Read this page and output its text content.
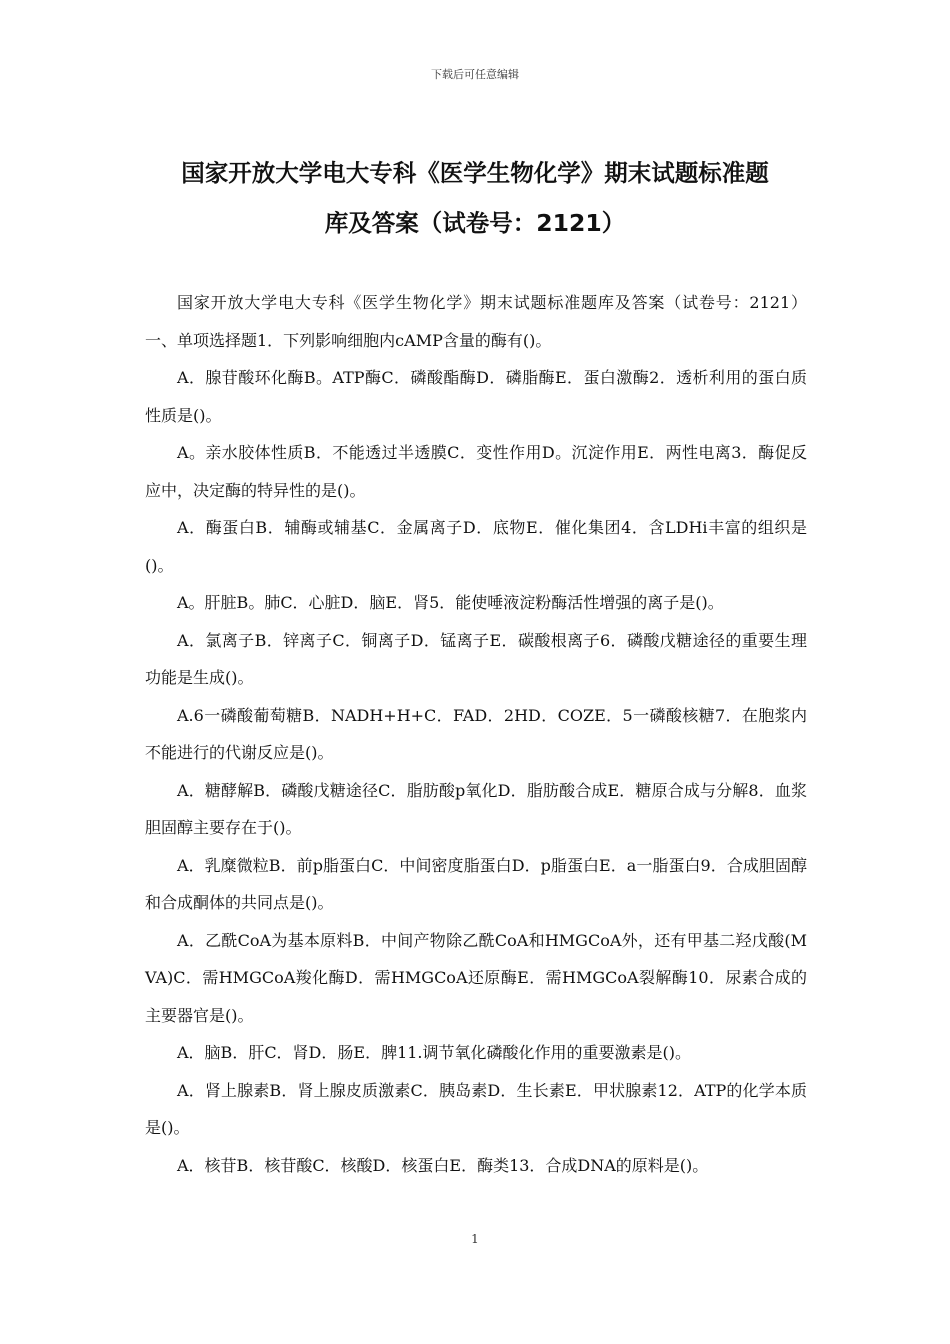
下载后可任意编辑
国家开放大学电大专科《医学生物化学》期末试题标准题
库及答案（试卷号：2121）

国家开放大学电大专科《医学生物化学》期末试题标准题库及答案（试卷号：2121）一、单项选择题1．下列影响细胞内cAMP含量的酶有()。

A．腺苷酸环化酶B。ATP酶C．磷酸酯酶D．磷脂酶E．蛋白激酶2．透析利用的蛋白质性质是()。

A。亲水胶体性质B．不能透过半透膜C．变性作用D。沉淀作用E．两性电离3．酶促反应中，决定酶的特异性的是()。

A．酶蛋白B．辅酶或辅基C．金属离子D．底物E．催化集团4．含LDHi丰富的组织是()。

A。肝脏B。肺C．心脏D．脑E．肾5．能使唾液淀粉酶活性增强的离子是()。

A．氯离子B．锌离子C．铜离子D．锰离子E．碳酸根离子6．磷酸戊糖途径的重要生理功能是生成()。

A.6一磷酸葡萄糖B．NADH+H+C．FAD．2HD．COZE．5一磷酸核糖7．在胞浆内不能进行的代谢反应是()。

A．糖酵解B．磷酸戊糖途径C．脂肪酸p氧化D．脂肪酸合成E．糖原合成与分解8．血浆胆固醇主要存在于()。

A．乳糜微粒B．前p脂蛋白C．中间密度脂蛋白D．p脂蛋白E．a一脂蛋白9．合成胆固醇和合成酮体的共同点是()。

A．乙酰CoA为基本原料B．中间产物除乙酰CoA和HMGCoA外，还有甲基二羟戊酸(MVA)C．需HMGCoA羧化酶D．需HMGCoA还原酶E．需HMGCoA裂解酶10．尿素合成的主要器官是()。

A．脑B．肝C．肾D．肠E．脾11.调节氧化磷酸化作用的重要激素是()。

A．肾上腺素B．肾上腺皮质激素C．胰岛素D．生长素E．甲状腺素12．ATP的化学本质是()。

A．核苷B．核苷酸C．核酸D．核蛋白E．酶类13．合成DNA的原料是()。

1
